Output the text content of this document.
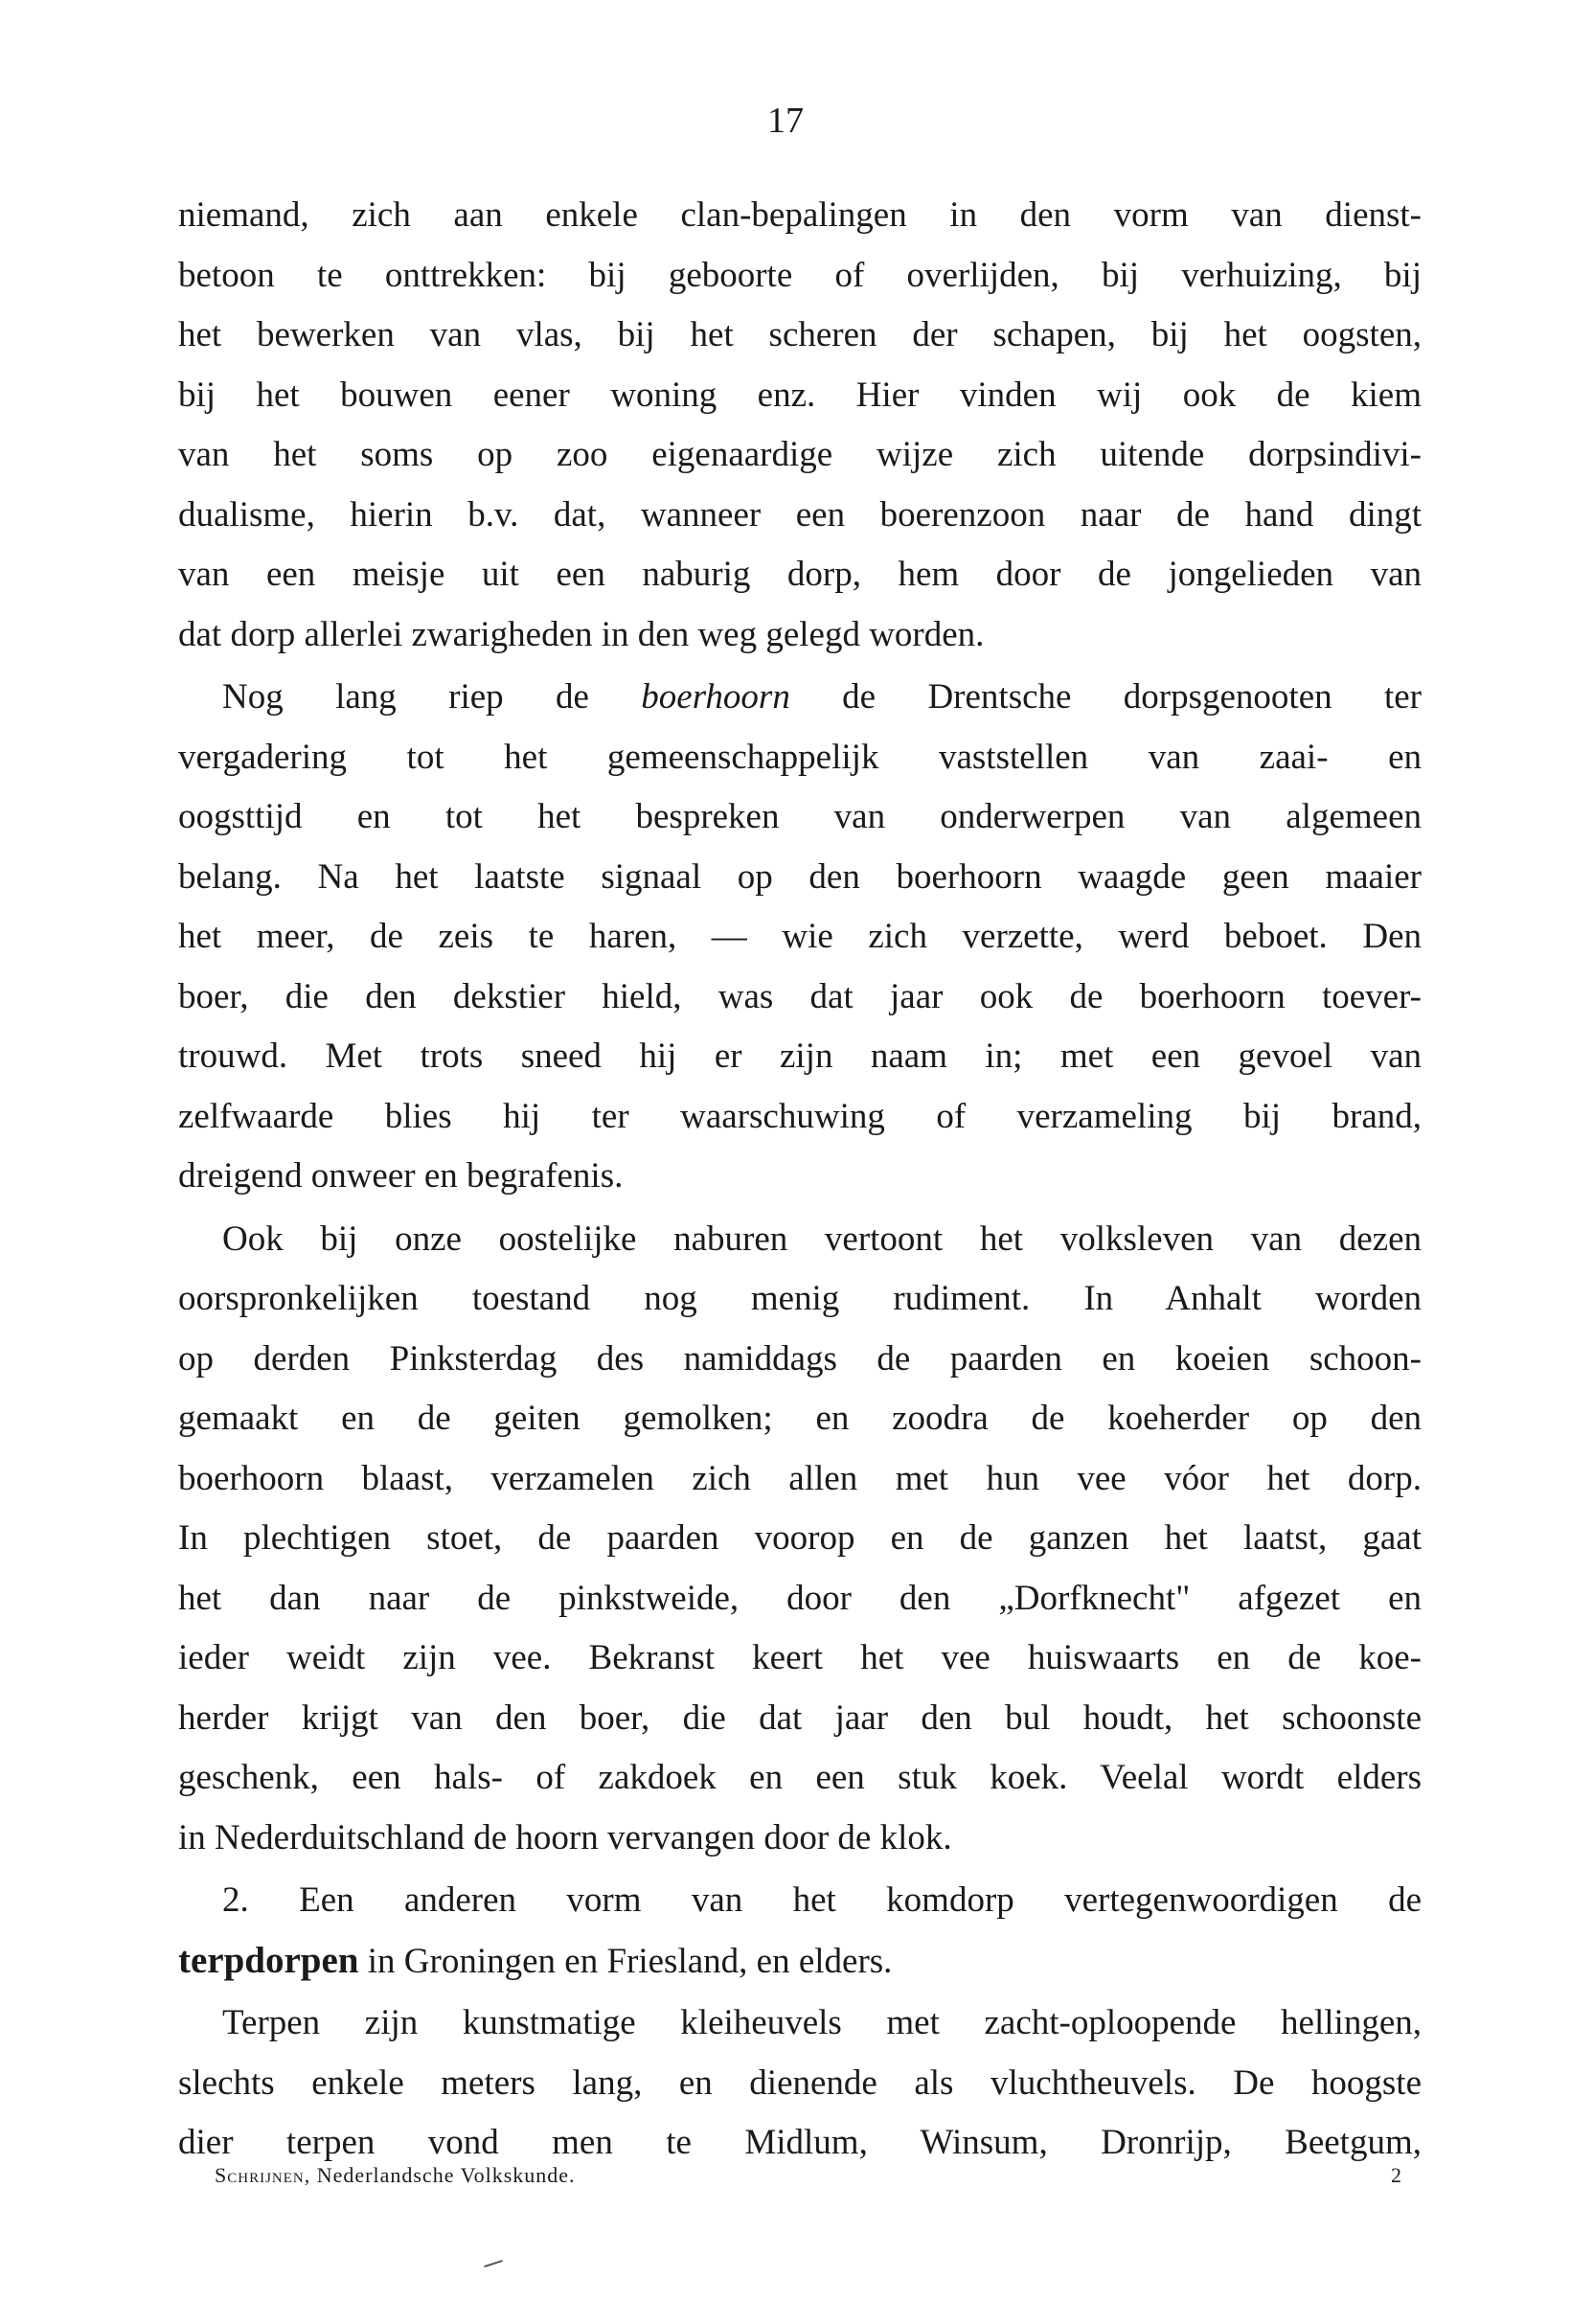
17
niemand, zich aan enkele clan-bepalingen in den vorm van dienst-
betoon te onttrekken: bij geboorte of overlijden, bij verhuizing, bij
het bewerken van vlas, bij het scheren der schapen, bij het oogsten,
bij het bouwen eener woning enz. Hier vinden wij ook de kiem
van het soms op zoo eigenaardige wijze zich uitende dorpsindivi-
dualisme, hierin b.v. dat, wanneer een boerenzoon naar de hand dingt
van een meisje uit een naburig dorp, hem door de jongelieden van
dat dorp allerlei zwarigheden in den weg gelegd worden.
Nog lang riep de boerhoorn de Drentsche dorpsgenooten ter
vergadering tot het gemeenschappelijk vaststellen van zaai- en
oogsttijd en tot het bespreken van onderwerpen van algemeen
belang. Na het laatste signaal op den boerhoorn waagde geen maaier
het meer, de zeis te haren, — wie zich verzette, werd beboet. Den
boer, die den dekstier hield, was dat jaar ook de boerhoorn toever-
trouwd. Met trots sneed hij er zijn naam in; met een gevoel van
zelfwaarde blies hij ter waarschuwing of verzameling bij brand,
dreigend onweer en begrafenis.
Ook bij onze oostelijke naburen vertoont het volksleven van dezen
oorspronkelijken toestand nog menig rudiment. In Anhalt worden
op derden Pinksterdag des namiddags de paarden en koeien schoon-
gemaakt en de geiten gemolken; en zoodra de koeherder op den
boerhoorn blaast, verzamelen zich allen met hun vee vóor het dorp.
In plechtigen stoet, de paarden voorop en de ganzen het laatst, gaat
het dan naar de pinkstweide, door den „Dorfknecht" afgezet en
ieder weidt zijn vee. Bekranst keert het vee huiswaarts en de koe-
herder krijgt van den boer, die dat jaar den bul houdt, het schoonste
geschenk, een hals- of zakdoek en een stuk koek. Veelal wordt elders
in Nederduitschland de hoorn vervangen door de klok.
2. Een anderen vorm van het komdorp vertegenwoordigen de
terpdorpen in Groningen en Friesland, en elders.
Terpen zijn kunstmatige kleiheuvels met zacht-oploopende hellingen,
slechts enkele meters lang, en dienende als vluchtheuvels. De hoogste
dier terpen vond men te Midlum, Winsum, Dronrijp, Beetgum,
Schrijnen, Nederlandsche Volkskunde.	2
